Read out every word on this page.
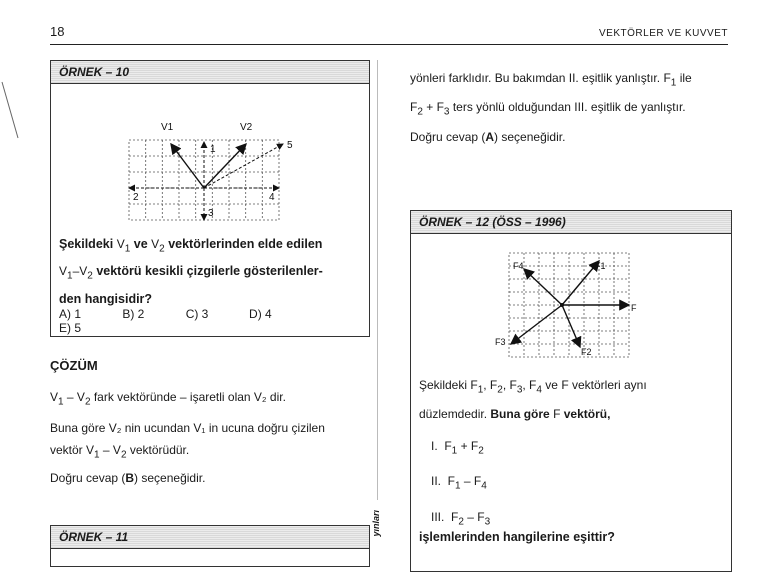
18	VEKTÖRLER VE KUVVET
ÖRNEK – 10
V1	V2
1
2
3
4
5
Şekildeki $V_1$ ve $V_2$ vektörlerinden elde edilen
$V_1-V_2$ vektörü kesikli çizgilerle gösterilenler-
den hangisidir?
A) 1	B) 2	C) 3	D) 4 E) 5
ÇÖZÜM
$V_1 - V_2$ fark vektöründe – işaretli olan V₂ dir.
Buna göre V₂ nin ucundan V₁ in ucuna doğru çizilen
vektör $V_1 - V_2$ vektörüdür.
Doğru cevap (B) seçeneğidir.
ÖRNEK – 11
yınları
yönleri farklıdır. Bu bakımdan II. eşitlik yanlıştır. $F_1$ ile
$F_2 + F_3$ ters yönlü olduğundan III. eşitlik de yanlıştır.
Doğru cevap (A) seçeneğidir.
ÖRNEK – 12 (ÖSS – 1996)
F1
F2
F3
F4
F
Şekildeki $F_1$, $F_2$, $F_3$, $F_4$ ve F vektörleri aynı
düzlemdedir. Buna göre F vektörü,
I.  $F_1 + F_2$
II.  $F_1 - F_4$
III.  $F_2 - F_3$
işlemlerinden hangilerine eşittir?
